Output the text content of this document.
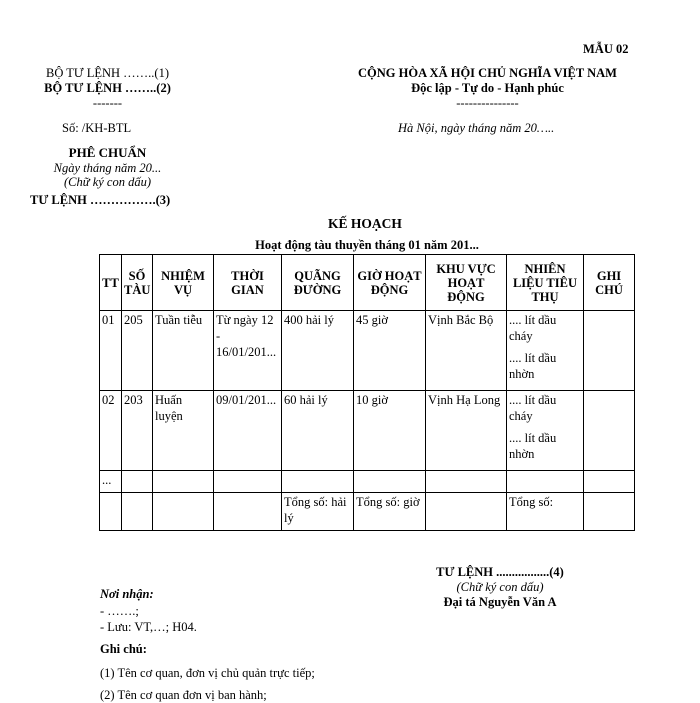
MẪU 02
BỘ TƯ LỆNH ……..(1)
BỘ TƯ LỆNH ……..(2)
-------
Số: /KH-BTL
CỘNG HÒA XÃ HỘI CHỦ NGHĨA VIỆT NAM
Độc lập - Tự do - Hạnh phúc
---------------
Hà Nội, ngày tháng năm 20…..
PHÊ CHUẨN
Ngày tháng năm 20...
(Chữ ký con dấu)
TƯ LỆNH …………….(3)
KẾ HOẠCH
Hoạt động tàu thuyền tháng 01 năm 201...
TT	SỐ TÀU	NHIỆM VỤ	THỜI GIAN	QUÃNG ĐƯỜNG	GIỜ HOẠT ĐỘNG	KHU VỰC HOẠT ĐỘNG	NHIÊN LIỆU TIÊU THỤ	GHI CHÚ
01	205	Tuần tiễu	Từ ngày 12 - 16/01/201...	400 hải lý	45 giờ	Vịnh Bắc Bộ	.... lít dầu cháy
.... lít dầu nhờn	

02	203	Huấn luyện	09/01/201...	60 hải lý	10 giờ	Vịnh Hạ Long	.... lít dầu cháy
.... lít dầu nhờn	

...								
				Tổng số: hải lý	Tổng số: giờ		Tổng số:	
TƯ LỆNH .................(4)
(Chữ ký con dấu)
Đại tá Nguyễn Văn A
Nơi nhận:
- …….;
- Lưu: VT,…; H04.
Ghi chú:
(1) Tên cơ quan, đơn vị chủ quản trực tiếp;
(2) Tên cơ quan đơn vị ban hành;
